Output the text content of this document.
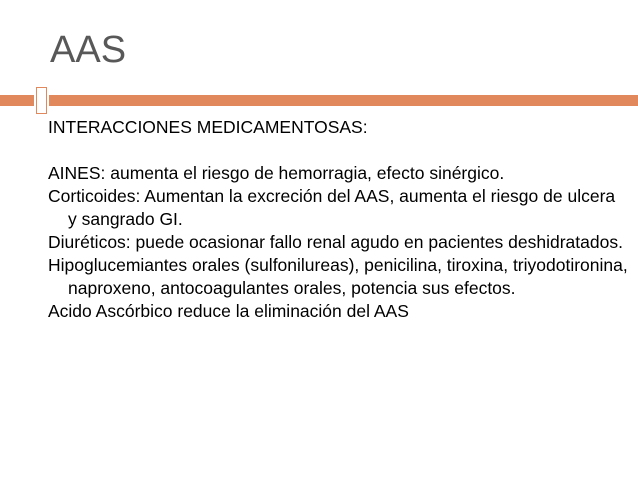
AAS

INTERACCIONES MEDICAMENTOSAS:

AINES: aumenta el riesgo de hemorragia, efecto sinérgico.

Corticoides: Aumentan la excreción del AAS, aumenta el riesgo de ulcera y sangrado GI.

Diuréticos: puede ocasionar fallo renal agudo en pacientes deshidratados.

Hipoglucemiantes orales (sulfonilureas), penicilina, tiroxina, triyodotironina, naproxeno, antocoagulantes orales, potencia sus efectos.

Acido Ascórbico reduce la eliminación del AAS
